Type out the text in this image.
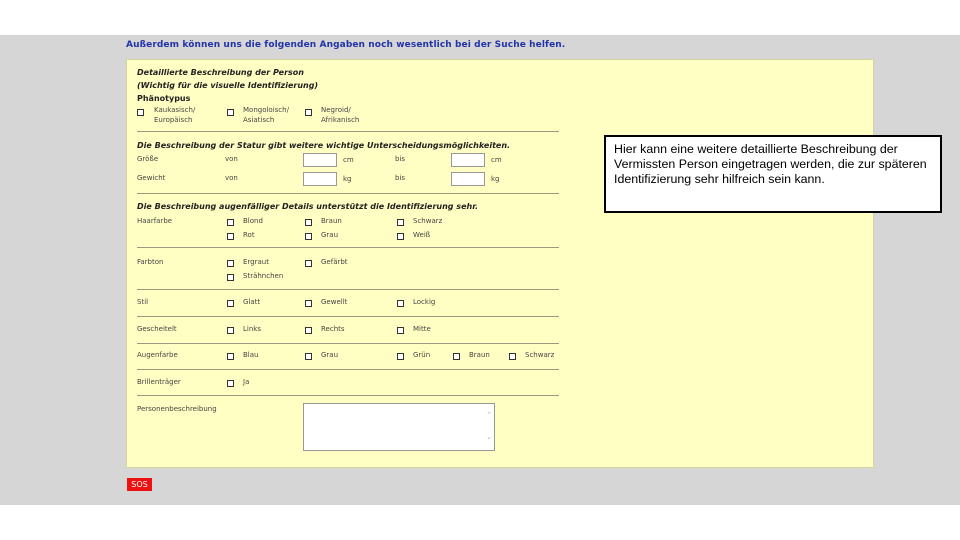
Außerdem können uns die folgenden Angaben noch wesentlich bei der Suche helfen.
Detaillierte Beschreibung der Person
(Wichtig für die visuelle Identifizierung)
Phänotypus
Kaukasisch/
Europäisch
Mongoloisch/
Asiatisch
Negroid/
Afrikanisch
Die Beschreibung der Statur gibt weitere wichtige Unterscheidungsmöglichkeiten.
Größe	von	cm	bis	cm
Gewicht	von	kg	bis	kg
Die Beschreibung augenfälliger Details unterstützt die Identifizierung sehr.
Haarfarbe	Blond	Braun	Schwarz
Rot	Grau	Weiß
Farbton	Ergraut	Gefärbt
Strähnchen
Stil	Glatt	Gewellt	Lockig
Gescheitelt	Links	Rechts	Mitte
Augenfarbe	Blau	Grau	Grün	Braun	Schwarz
Brillenträger	Ja
Personenbeschreibung
⌃
⌄
SOS
Hier kann eine weitere detaillierte Beschreibung der Vermissten Person eingetragen werden, die zur späteren Identifizierung sehr hilfreich sein kann.
